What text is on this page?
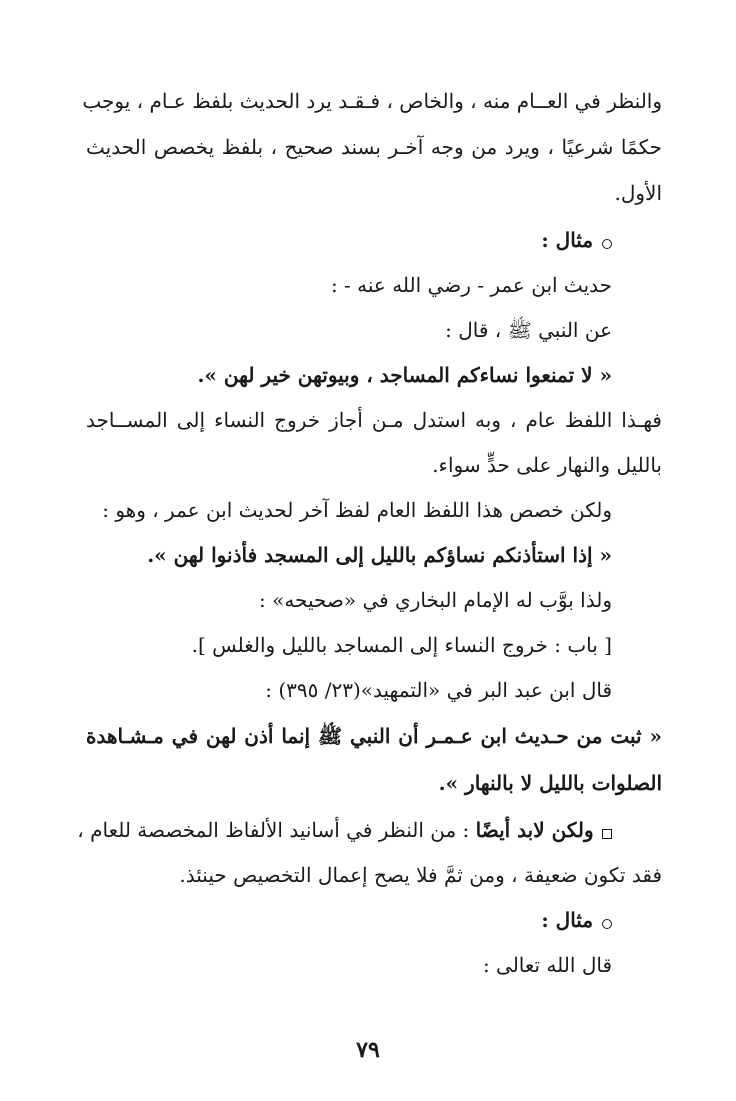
والنظر في العــام منه ، والخاص ، فـقـد يرد الحديث بلفظ عـام ، يوجب
حكمًا شرعيًا ، ويرد من وجه آخـر بسند صحيح ، بلفظ يخصص الحديث
الأول.
مثال :
حديث ابن عمر - رضي الله عنه - :
عن النبي ﷺ ، قال :
« لا تمنعوا نساءكم المساجد ، وبيوتهن خير لهن ».
فهـذا اللفظ عام ، وبه استدل مـن أجاز خروج النساء إلى المســاجد
بالليل والنهار على حدٍّ سواء.
ولكن خصص هذا اللفظ العام لفظ آخر لحديث ابن عمر ، وهو :
« إذا استأذنكم نساؤكم بالليل إلى المسجد فأذنوا لهن ».
ولذا بوَّب له الإمام البخاري في «صحيحه» :
[ باب : خروج النساء إلى المساجد بالليل والغلس ].
قال ابن عبد البر في «التمهيد»(٢٣/ ٣٩٥) :
« ثبت من حـديث ابن عـمـر أن النبي ﷺ إنما أذن لهن في مـشـاهدة
الصلوات بالليل لا بالنهار ».
ولكن لابد أيضًا : من النظر في أسانيد الألفاظ المخصصة للعام ،
فقد تكون ضعيفة ، ومن ثمَّ فلا يصح إعمال التخصيص حينئذ.
مثال :
قال الله تعالى :
٧٩
